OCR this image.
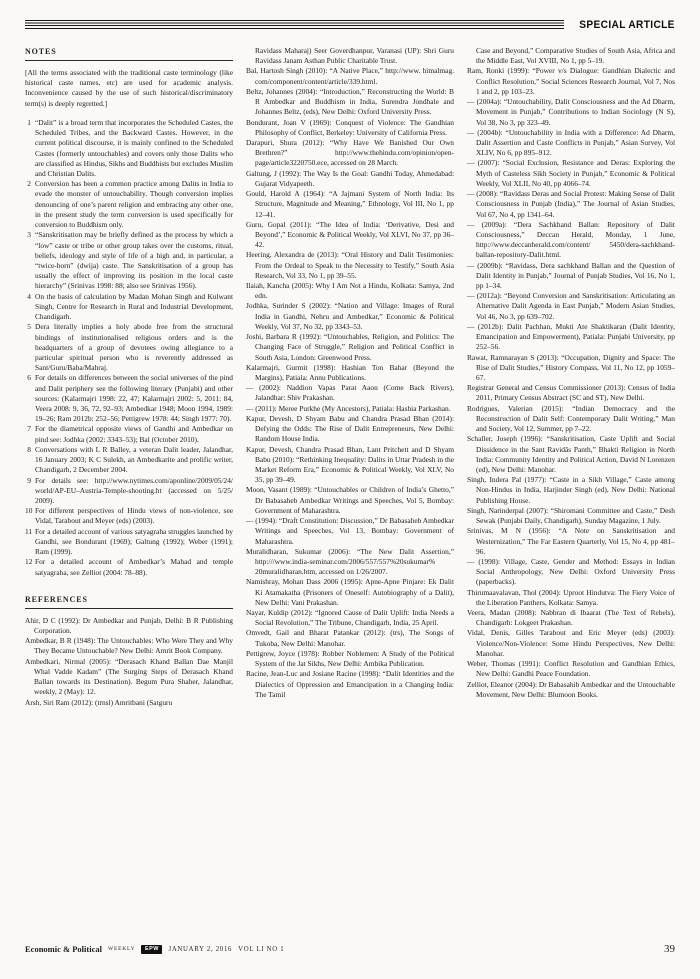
SPECIAL ARTICLE
NOTES
[All the terms associated with the traditional caste terminology (like historical caste names, etc) are used for academic analysis. Inconvenience caused by the use of such historical/discriminatory term(s) is deeply regretted.]
1 “Dalit” is a broad term that incorporates the Scheduled Castes, the Scheduled Tribes, and the Backward Castes. However, in the current political discourse, it is mainly confined to the Scheduled Castes (formerly untouchables) and covers only those Dalits who are classified as Hindus, Sikhs and Buddhists but excludes Muslim and Christian Dalits.
2 Conversion has been a common practice among Dalits in India to evade the monster of untouchability. Though conversion implies denouncing of one’s parent religion and embracing any other one, in the present study the term conversion is used specifically for conversion to Buddhism only.
3 “Sanskritisation may be briefly defined as the process by which a “low” caste or tribe or other group takes over the customs, ritual, beliefs, ideology and style of life of a high and, in particular, a “twice-born” (dwija) caste. The Sanskritisation of a group has usually the effect of improving its position in the local caste hierarchy” (Srinivas 1998: 88; also see Srinivas 1956).
4 On the basis of calculation by Madan Mohan Singh and Kulwant Singh, Centre for Research in Rural and Industrial Development, Chandigarh.
5 Dera literally implies a holy abode free from the structural bindings of institutionalised religious orders and is the headquarters of a group of devotees owing allegiance to a particular spiritual person who is reverently addressed as Sant/Guru/Baba/Mahraj.
6 For details on differences between the social universes of the pind and Dalit periphery see the following literary (Punjabi) and other sources: (Kalarmajri 1998: 22, 47; Kalarmajri 2002: 5, 2011: 84, Veera 2008: 9, 36, 72, 92–93; Ambedkar 1948; Moon 1994, 1989: 19–26; Ram 2012b: 252–56; Pettigrew 1978: 44; Singh 1977: 70).
7 For the diametrical opposite views of Gandhi and Ambedkar on pind see: Jodhka (2002: 3343–53); Bal (October 2010).
8 Conversations with L R Balley, a veteran Dalit leader, Jalandhar, 16 January 2003; K C Sulekh, an Ambedkarite and prolific writer, Chandigarh, 2 December 2004.
9 For details see: http://www.nytimes.com/aponline/2009/05/24/ world/AP-EU–Austria-Temple-shooting.ht (accessed on 5/25/ 2009).
10 For different perspectives of Hindu views of non-violence, see Vidal, Tarabout and Meyer (eds) (2003).
11 For a detailed account of various satyagraha struggles launched by Gandhi, see Bondurant (1969); Galtung (1992); Weber (1991); Ram (1999).
12 For a detailed account of Ambedkar’s Mahad and temple satyagraha, see Zelliot (2004: 78–88).
REFERENCES
Ahir, D C (1992): Dr Ambedkar and Punjab, Delhi: B R Publishing Corporation.
Ambedkar, B R (1948): The Untouchables: Who Were They and Why They Became Untouchable? New Delhi: Amrit Book Company.
Ambedkari, Nirmal (2005): “Derasach Khand Ballan Dae Manjil Whal Vadde Kadam” (The Surging Steps of Derasach Khand Ballan towards its Destination). Begum Pura Shaher, Jalandhar, weekly, 2 (May): 12.
Arsh, Siri Ram (2012): (trnsl) Amritbani (Satguru
Ravidass Maharaj) Seer Goverdhanpur, Varanasi (UP): Shri Guru Ravidass Janam Asthan Public Charitable Trust.
Bal, Hartosh Singh (2010): “A Native Place,” http://www. himalmag. com/component/content/article/339.html.
Beltz, Johannes (2004): “Introduction,” Reconstructing the World: B R Ambedkar and Buddhism in India, Surendra Jondhale and Johannes Beltz, (eds), New Delhi: Oxford University Press.
Bondurant, Joan V (1969): Conquest of Violence: The Gandhian Philosophy of Conflict, Berkeley: University of California Press.
Darapuri, Shura (2012): “Why Have We Banished Our Own Brethren?” http://www.thehindu.com/opinion/open-page/article3220750.ece, accessed on 28 March.
Galtung, J (1992): The Way Is the Goal: Gandhi Today, Ahmedabad: Gujarat Vidyapeeth.
Gould, Harold A (1964): “A Jajmani System of North India: Its Structure, Magnitude and Meaning,” Ethnology, Vol III, No 1, pp 12–41.
Guru, Gopal (2011): “The Idea of India: ‘Derivative, Desi and Beyond’,” Economic & Political Weekly, Vol XLVI, No 37, pp 36–42.
Heering, Alexandra de (2013): “Oral History and Dalit Testimonies: From the Ordeal to Speak to the Necessity to Testify,” South Asia Research, Vol 33, No 1, pp 39–55.
Ilaiah, Kancha (2005): Why I Am Not a Hindu, Kolkata: Samya, 2nd edn.
Jodhka, Surinder S (2002): “Nation and Village: Images of Rural India in Gandhi, Nehru and Ambedkar,” Economic & Political Weekly, Vol 37, No 32, pp 3343–53.
Joshi, Barbara R (1992): “Untouchables, Religion, and Politics: The Changing Face of Struggle,” Religion and Political Conflict in South Asia, London: Greenwood Press.
Kalarmajri, Gurmit (1998): Hashian Ton Bahar (Beyond the Margins), Patiala: Annu Publications.
— (2002): Naddion Vapas Parat Aaon (Come Back Rivers), Jalandhar: Shiv Prakashan.
— (2011): Meree Purkhe (My Ancestors), Patiala: Hashia Parkashan.
Kapur, Devesh, D Shyam Babu and Chandra Prasad Bhan (2014): Defying the Odds: The Rise of Dalit Entrepreneurs, New Delhi: Random House India.
Kapur, Devesh, Chandra Prasad Bhan, Lant Pritchett and D Shyam Babu (2010): “Rethinking Inequality: Dalits in Uttar Pradesh in the Market Reform Era,” Economic & Political Weekly, Vol XLV, No 35, pp 39–49.
Moon, Vasant (1989): “Untouchables or Children of India’s Ghetto,” Dr Babasaheb Ambedkar Writings and Speeches, Vol 5, Bombay: Government of Maharashtra.
— (1994): “Draft Constitution: Discussion,” Dr Babasaheb Ambedkar Writings and Speeches, Vol 13, Bombay: Government of Maharashtra.
Muralidharan, Sukumar (2006): “The New Dalit Assertion,” http:///www.india-seminar.com/2006/557/557%20sukumar% 20muralidharan.htm, accessed on 1/26/2007.
Namishray, Mohan Dass 2006 (1995): Apne-Apne Pinjare: Ek Dalit Ki Atamakatha (Prisoners of Oneself: Autobiography of a Dalit), New Delhi: Vani Prakashan.
Nayar, Kuldip (2012): “Ignored Cause of Dalit Uplift: India Needs a Social Revolution,” The Tribune, Chandigarh, India, 25 April.
Omvedt, Gail and Bharat Patankar (2012): (trs), The Songs of Tukoba, New Delhi: Manohar.
Pettigrew, Joyce (1978): Robber Noblemen: A Study of the Political System of the Jat Sikhs, New Delhi: Ambika Publication.
Racine, Jean-Luc and Josiane Racine (1998): “Dalit Identities and the Dialectics of Oppression and Emancipation in a Changing India: The Tamil
Case and Beyond,” Comparative Studies of South Asia, Africa and the Middle East, Vol XVIII, No 1, pp 5–19.
Ram, Ronki (1999): “Power v/s Dialogue: Gandhian Dialectic and Conflict Resolution,” Social Sciences Research Journal, Vol 7, Nos 1 and 2, pp 103–23.
— (2004a): “Untouchability, Dalit Consciousness and the Ad Dharm, Movement in Punjab,” Contributions to Indian Sociology (N S), Vol 38, No 3, pp 323–49.
— (2004b): “Untouchability in India with a Difference: Ad Dharm, Dalit Assertion and Caste Conflicts in Punjab,” Asian Survey, Vol XLIV, No 6, pp 895–912.
— (2007): “Social Exclusion, Resistance and Deras: Exploring the Myth of Casteless Sikh Society in Punjab,” Economic & Political Weekly, Vol XLII, No 40, pp 4066–74.
— (2008): “Ravidass Deras and Social Protest: Making Sense of Dalit Consciousness in Punjab (India),” The Journal of Asian Studies, Vol 67, No 4, pp 1341–64.
— (2009a): “Dera Sachkhand Ballan: Repository of Dalit Consciousness,” Deccan Herald, Monday, 1 June, http://www.deccanherald.com/content/ 5450/dera-sachkhand-ballan-repository-Dalit.html.
— (2009b): “Ravidass, Dera sachkhand Ballan and the Question of Dalit Identity in Punjab,” Journal of Punjab Studies, Vol 16, No 1, pp 1–34.
— (2012a): “Beyond Conversion and Sanskritisation: Articulating an Alternative Dalit Agenda in East Punjab,” Modern Asian Studies, Vol 46, No 3, pp 639–702.
— (2012b): Dalit Pachhan, Mukti Ate Shaktikaran (Dalit Identity, Emancipation and Empowerment), Patiala: Punjabi University, pp 252–56.
Rawat, Ramnarayan S (2013): “Occupation, Dignity and Space: The Rise of Dalit Studies,” History Compass, Vol 11, No 12, pp 1059–67.
Registrar General and Census Commissioner (2013): Census of India 2011, Primary Census Abstract (SC and ST), New Delhi.
Rodrigues, Valerian (2015): “Indian Democracy and the Reconstruction of Dalit Self: Contemporary Dalit Writing,” Man and Society, Vol 12, Summer, pp 7–22.
Schaller, Joseph (1996): “Sanskritisation, Caste Uplift and Social Dissidence in the Sant Ravidās Panth,” Bhakti Religion in North India: Community Identity and Political Action, David N Lorenzen (ed), New Delhi: Manohar.
Singh, Indera Pal (1977): “Caste in a Sikh Village,” Caste among Non-Hindus in India, Harjinder Singh (ed), New Delhi: National Publishing House.
Singh, Narinderpal (2007): “Shiromani Committee and Caste,” Desh Sewak (Punjabi Daily, Chandigarh), Sunday Magazine, 1 July.
Srinivas, M N (1956): “A Note on Sanskritisation and Westernization,” The Far Eastern Quarterly, Vol 15, No 4, pp 481–96.
— (1998): Village, Caste, Gender and Method: Essays in Indian Social Anthropology, New Delhi: Oxford University Press (paperbacks).
Thirumaavalavan, Thol (2004): Uproot Hindutva: The Fiery Voice of the Liberation Panthers, Kolkata: Samya.
Veera, Madan (2008): Nabbran di Ibaarat (The Text of Rebels), Chandigarh: Lokgeet Prakashan.
Vidal, Denis, Gilles Tarabout and Eric Meyer (eds) (2003): Violence/Non-Violence: Some Hindu Perspectives, New Delhi: Manohar.
Weber, Thomas (1991): Conflict Resolution and Gandhian Ethics, New Delhi: Gandhi Peace Foundation.
Zelliot, Eleanor (2004): Dr Babasahib Ambedkar and the Untouchable Movement, New Delhi: Blumoon Books.
Economic & Political WEEKLY	EPW	JANUARY 2, 2016 VOL LI NO 1	39
